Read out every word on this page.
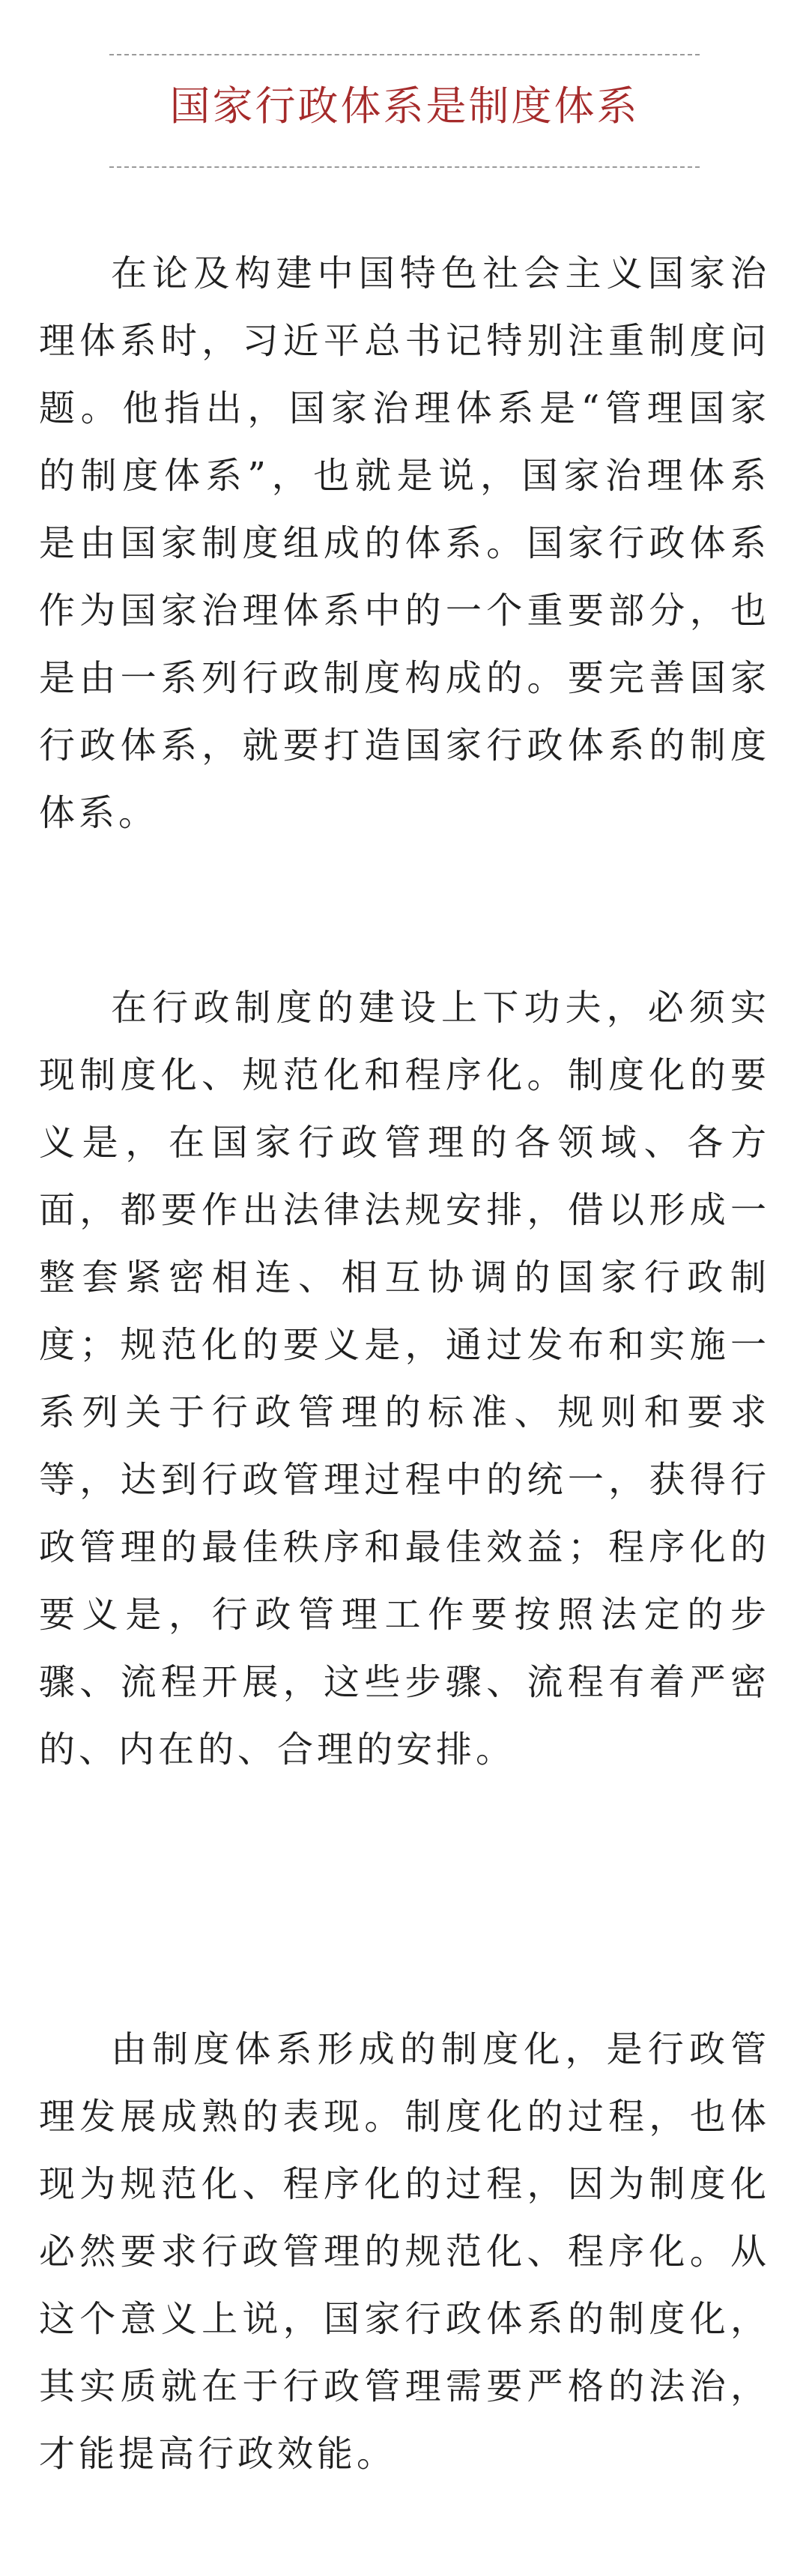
国家行政体系是制度体系

在论及构建中国特色社会主义国家治理体系时，习近平总书记特别注重制度问题。他指出，国家治理体系是“管理国家的制度体系”，也就是说，国家治理体系是由国家制度组成的体系。国家行政体系作为国家治理体系中的一个重要部分，也是由一系列行政制度构成的。要完善国家行政体系，就要打造国家行政体系的制度体系。

在行政制度的建设上下功夫，必须实现制度化、规范化和程序化。制度化的要义是，在国家行政管理的各领域、各方面，都要作出法律法规安排，借以形成一整套紧密相连、相互协调的国家行政制度；规范化的要义是，通过发布和实施一系列关于行政管理的标准、规则和要求等，达到行政管理过程中的统一，获得行政管理的最佳秩序和最佳效益；程序化的要义是，行政管理工作要按照法定的步骤、流程开展，这些步骤、流程有着严密的、内在的、合理的安排。

由制度体系形成的制度化，是行政管理发展成熟的表现。制度化的过程，也体现为规范化、程序化的过程，因为制度化必然要求行政管理的规范化、程序化。从这个意义上说，国家行政体系的制度化，其实质就在于行政管理需要严格的法治，才能提高行政效能。
